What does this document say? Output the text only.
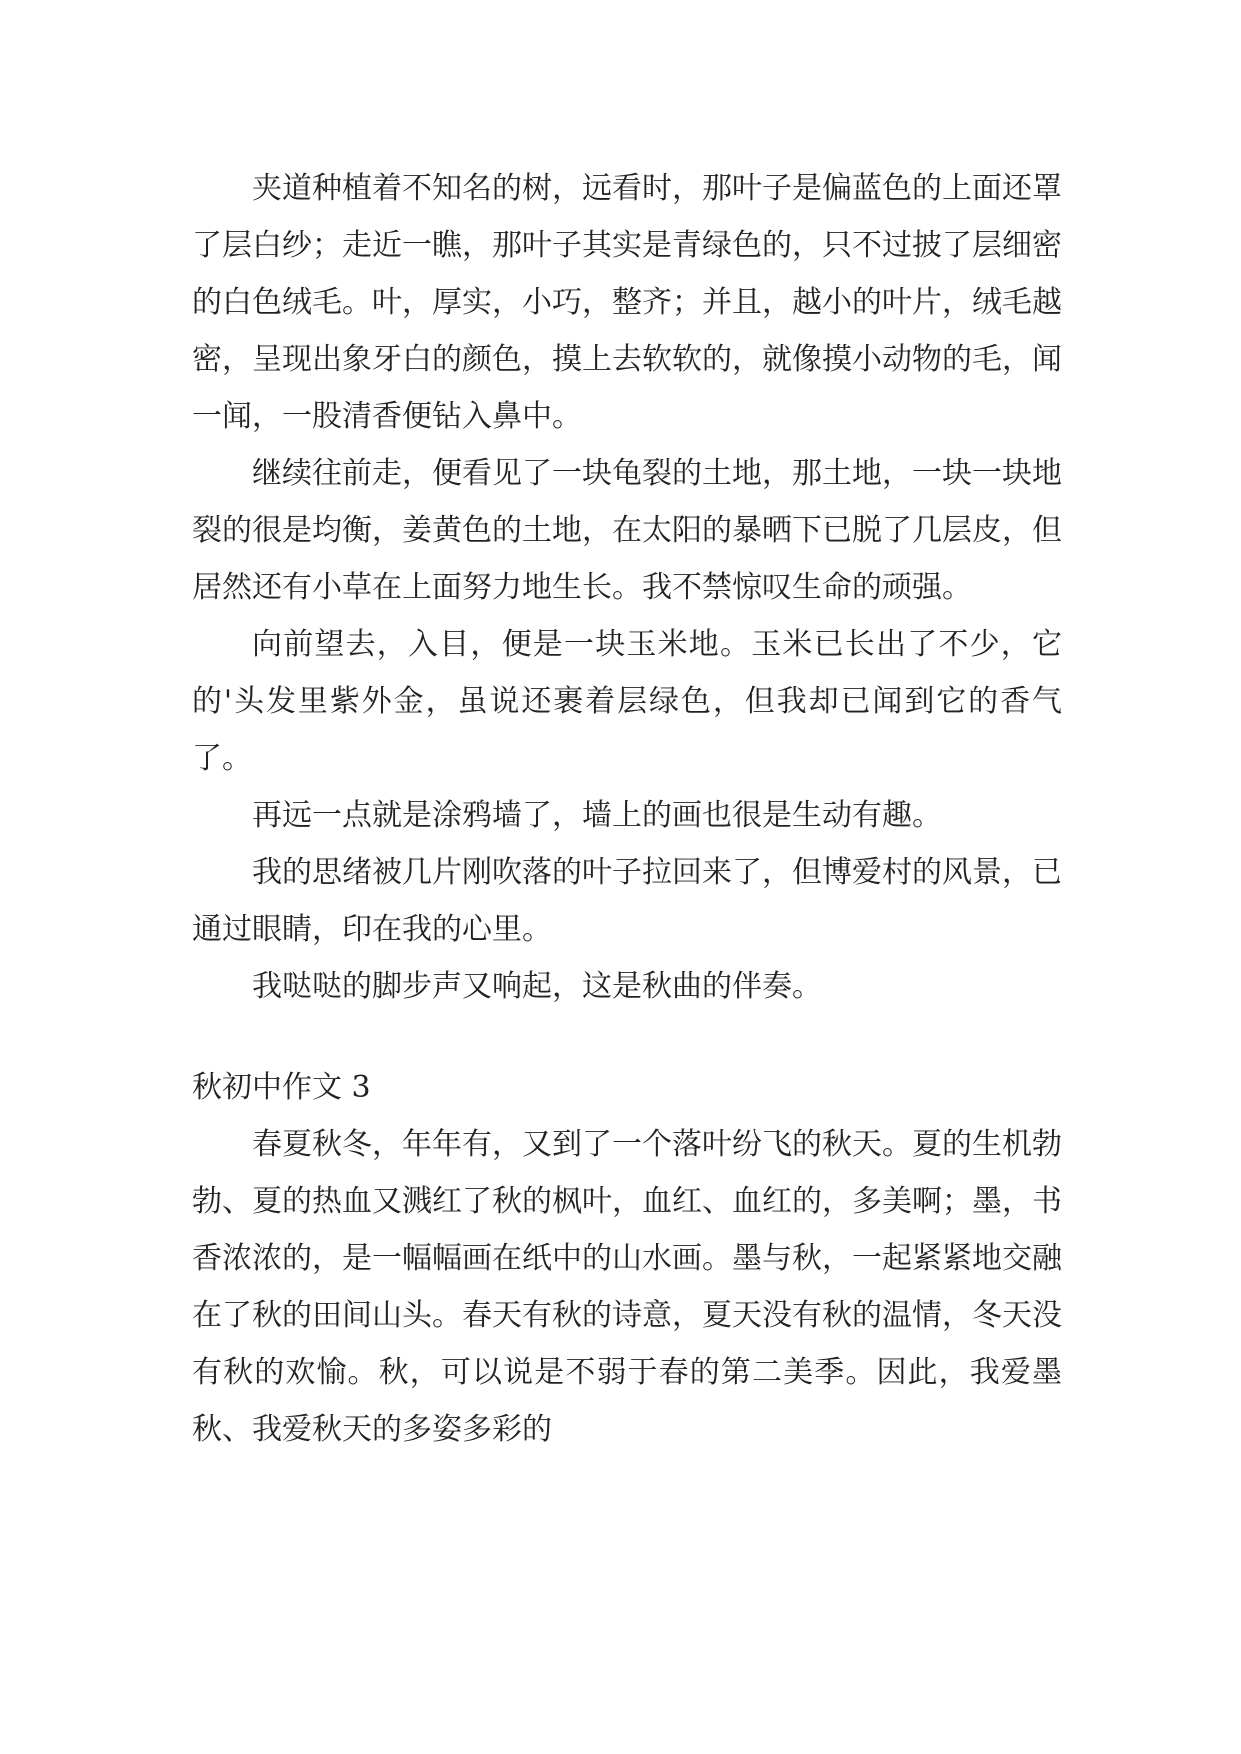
夹道种植着不知名的树，远看时，那叶子是偏蓝色的上面还罩了层白纱；走近一瞧，那叶子其实是青绿色的，只不过披了层细密的白色绒毛。叶，厚实，小巧，整齐；并且，越小的叶片，绒毛越密，呈现出象牙白的颜色，摸上去软软的，就像摸小动物的毛，闻一闻，一股清香便钻入鼻中。

继续往前走，便看见了一块龟裂的土地，那土地，一块一块地裂的很是均衡，姜黄色的土地，在太阳的暴晒下已脱了几层皮，但居然还有小草在上面努力地生长。我不禁惊叹生命的顽强。

向前望去，入目，便是一块玉米地。玉米已长出了不少，它的'头发里紫外金，虽说还裹着层绿色，但我却已闻到它的香气了。

再远一点就是涂鸦墙了，墙上的画也很是生动有趣。

我的思绪被几片刚吹落的叶子拉回来了，但博爱村的风景，已通过眼睛，印在我的心里。

我哒哒的脚步声又响起，这是秋曲的伴奏。

秋初中作文 3

春夏秋冬，年年有，又到了一个落叶纷飞的秋天。夏的生机勃勃、夏的热血又溅红了秋的枫叶，血红、血红的，多美啊；墨，书香浓浓的，是一幅幅画在纸中的山水画。墨与秋，一起紧紧地交融在了秋的田间山头。春天有秋的诗意，夏天没有秋的温情，冬天没有秋的欢愉。秋，可以说是不弱于春的第二美季。因此，我爱墨秋、我爱秋天的多姿多彩的
